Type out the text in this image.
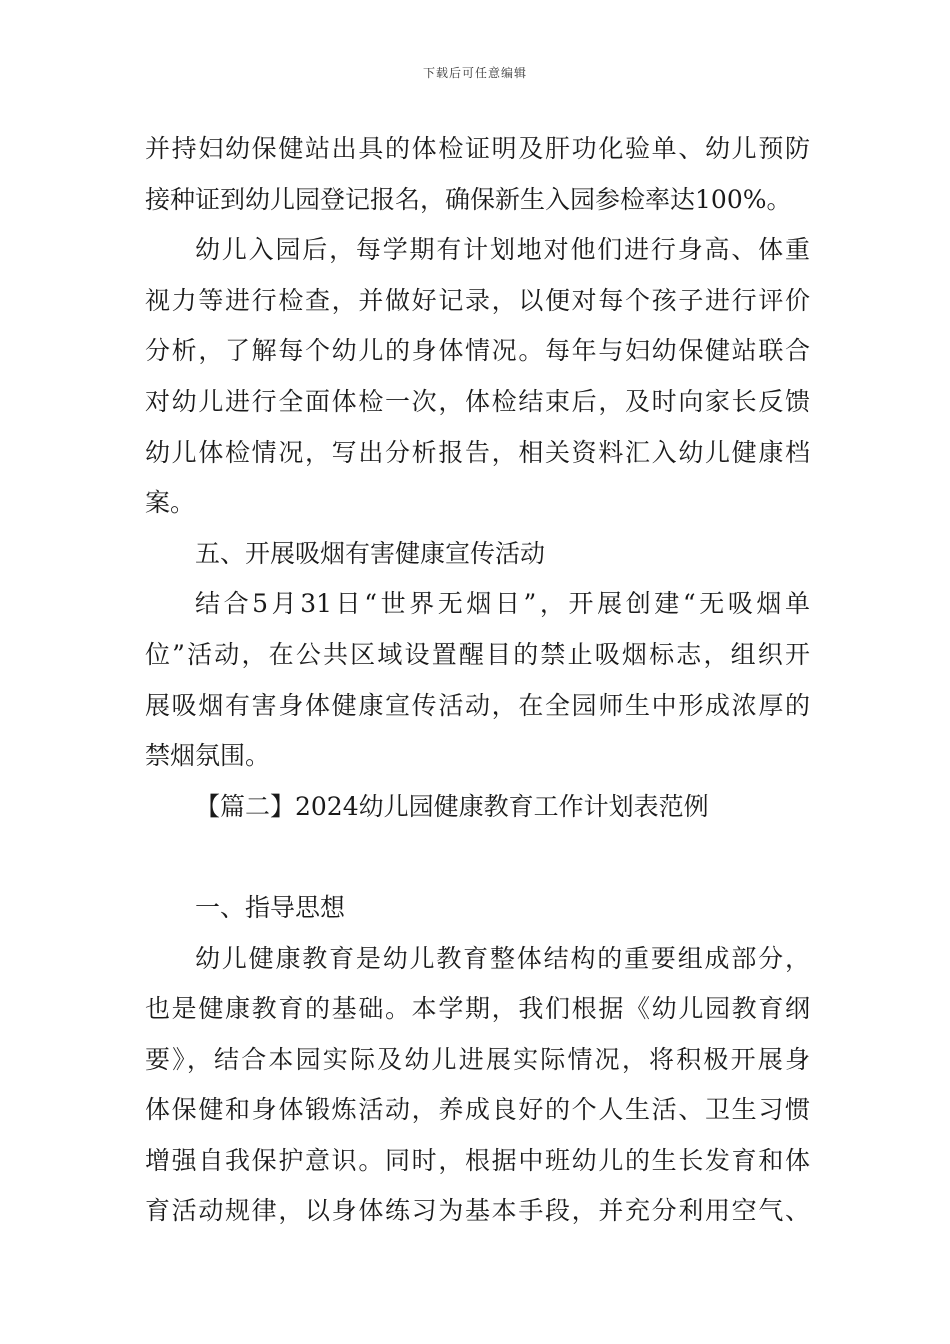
下载后可任意编辑
并持妇幼保健站出具的体检证明及肝功化验单、幼儿预防
接种证到幼儿园登记报名，确保新生入园参检率达100%。
幼儿入园后，每学期有计划地对他们进行身高、体重
视力等进行检查，并做好记录，以便对每个孩子进行评价
分析，了解每个幼儿的身体情况。每年与妇幼保健站联合
对幼儿进行全面体检一次，体检结束后，及时向家长反馈
幼儿体检情况，写出分析报告，相关资料汇入幼儿健康档
案。
五、开展吸烟有害健康宣传活动
结合5月31日“世界无烟日”，开展创建“无吸烟单
位”活动，在公共区域设置醒目的禁止吸烟标志，组织开
展吸烟有害身体健康宣传活动，在全园师生中形成浓厚的
禁烟氛围。
【篇二】2024幼儿园健康教育工作计划表范例
一、指导思想
幼儿健康教育是幼儿教育整体结构的重要组成部分，
也是健康教育的基础。本学期，我们根据《幼儿园教育纲
要》，结合本园实际及幼儿进展实际情况，将积极开展身
体保健和身体锻炼活动，养成良好的个人生活、卫生习惯
增强自我保护意识。同时，根据中班幼儿的生长发育和体
育活动规律，以身体练习为基本手段，并充分利用空气、
